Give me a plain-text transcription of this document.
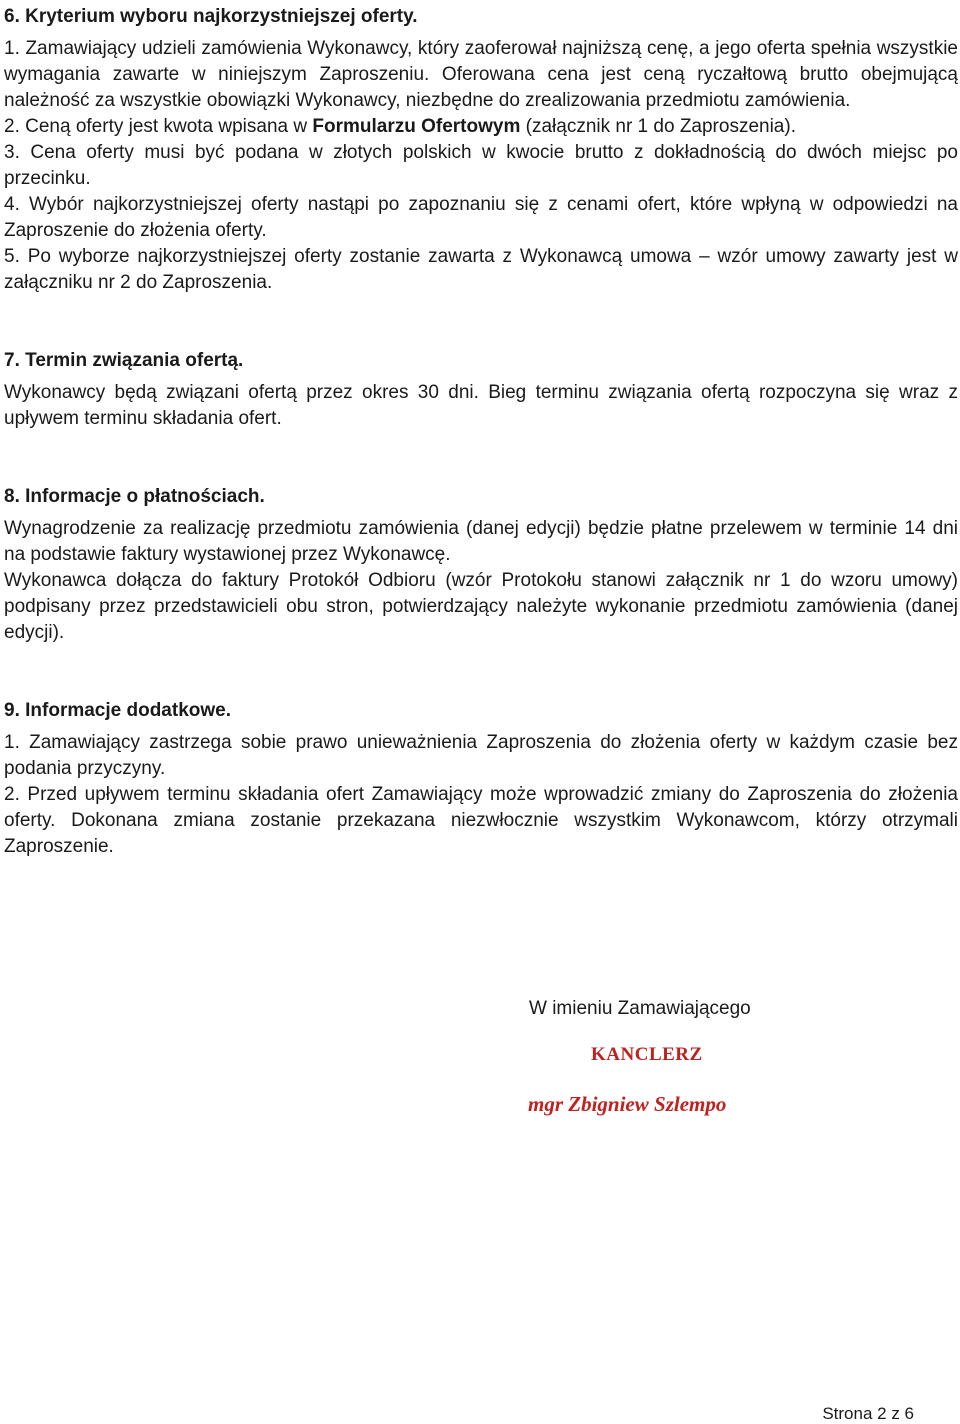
6. Kryterium wyboru najkorzystniejszej oferty.

1. Zamawiający udzieli zamówienia Wykonawcy, który zaoferował najniższą cenę, a jego oferta spełnia wszystkie wymagania zawarte w niniejszym Zaproszeniu. Oferowana cena jest ceną ryczałtową brutto obejmującą należność za wszystkie obowiązki Wykonawcy, niezbędne do zrealizowania przedmiotu zamówienia.

2. Ceną oferty jest kwota wpisana w Formularzu Ofertowym (załącznik nr 1 do Zaproszenia).

3. Cena oferty musi być podana w złotych polskich w kwocie brutto z dokładnością do dwóch miejsc po przecinku.

4. Wybór najkorzystniejszej oferty nastąpi po zapoznaniu się z cenami ofert, które wpłyną w odpowiedzi na Zaproszenie do złożenia oferty.

5. Po wyborze najkorzystniejszej oferty zostanie zawarta z Wykonawcą umowa – wzór umowy zawarty jest w załączniku nr 2 do Zaproszenia.

7. Termin związania ofertą.

Wykonawcy będą związani ofertą przez okres 30 dni. Bieg terminu związania ofertą rozpoczyna się wraz z upływem terminu składania ofert.

8. Informacje o płatnościach.

Wynagrodzenie za realizację przedmiotu zamówienia (danej edycji) będzie płatne przelewem w terminie 14 dni na podstawie faktury wystawionej przez Wykonawcę.

Wykonawca dołącza do faktury Protokół Odbioru (wzór Protokołu stanowi załącznik nr 1 do wzoru umowy) podpisany przez przedstawicieli obu stron, potwierdzający należyte wykonanie przedmiotu zamówienia (danej edycji).

9. Informacje dodatkowe.

1. Zamawiający zastrzega sobie prawo unieważnienia Zaproszenia do złożenia oferty w każdym czasie bez podania przyczyny.

2. Przed upływem terminu składania ofert Zamawiający może wprowadzić zmiany do Zaproszenia do złożenia oferty. Dokonana zmiana zostanie przekazana niezwłocznie wszystkim Wykonawcom, którzy otrzymali Zaproszenie.

W imieniu Zamawiającego

KANCLERZ
mgr Zbigniew Szlempo
Strona 2 z 6
